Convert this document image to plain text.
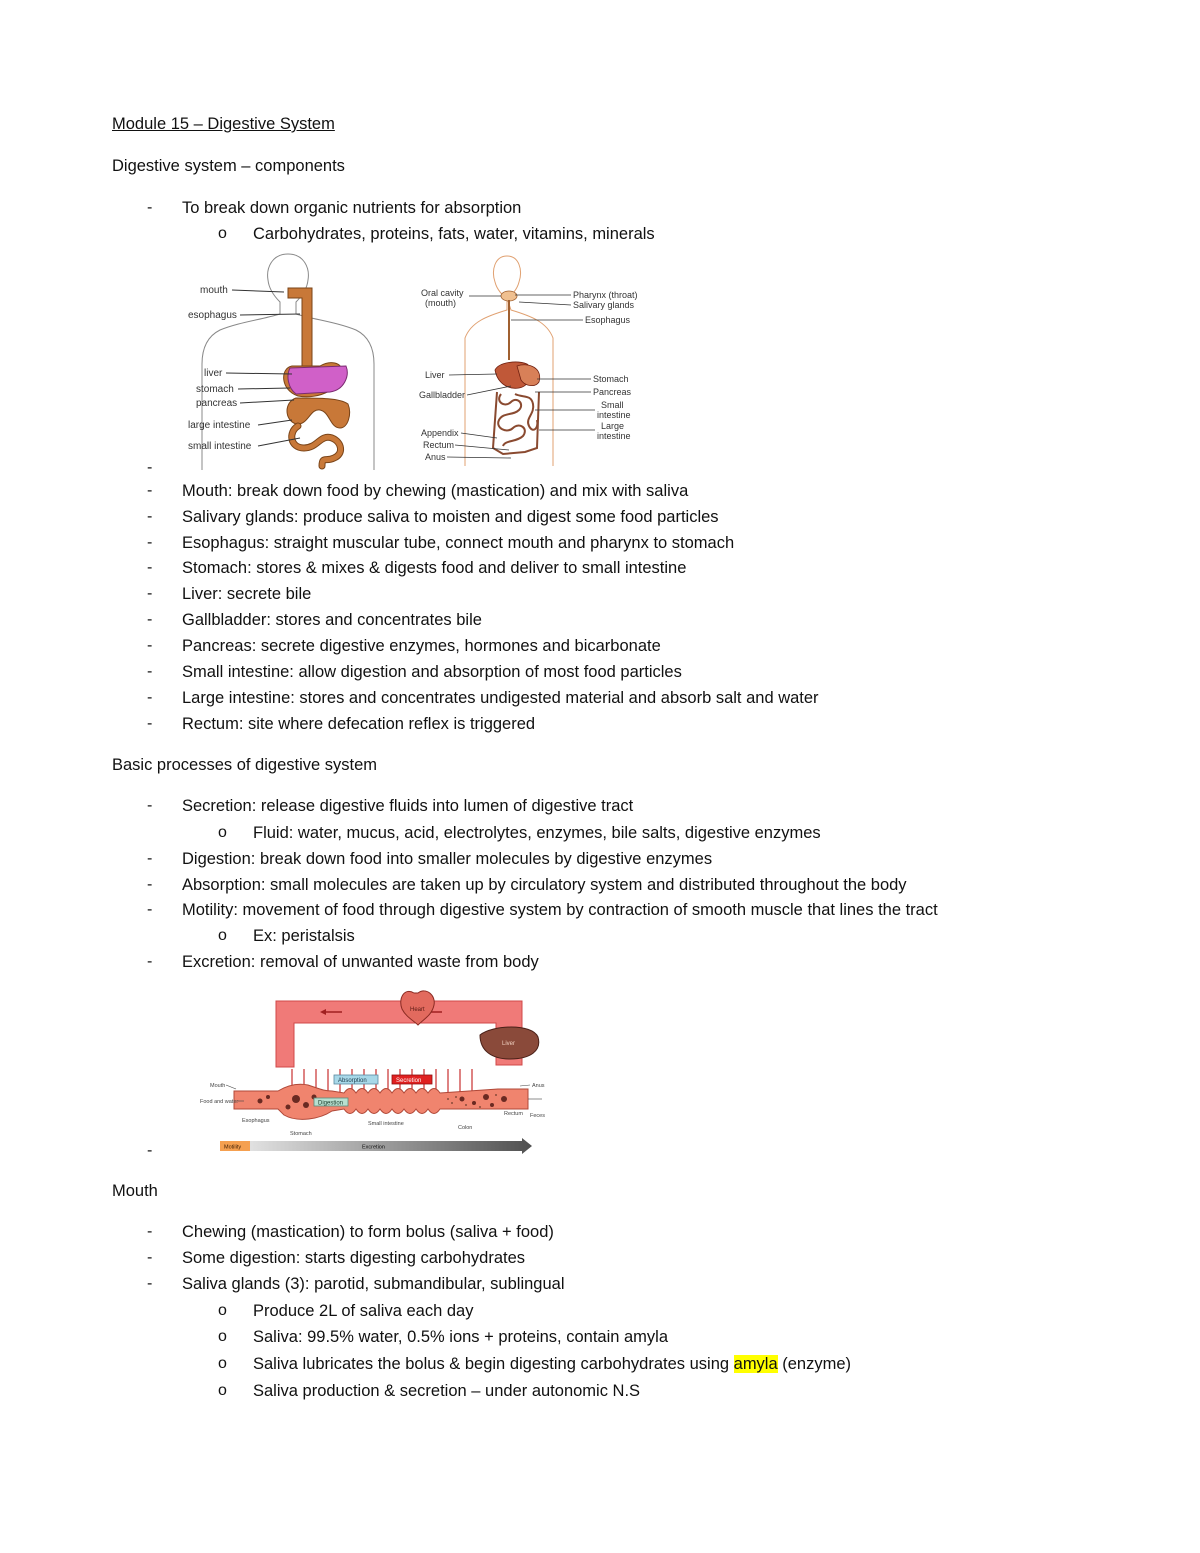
Module 15 – Digestive System
Digestive system – components
- To break down organic nutrients for absorption
o Carbohydrates, proteins, fats, water, vitamins, minerals
mouth
esophagus
liver
stomach
pancreas
large intestine
small intestine
Oral cavity
(mouth)
Liver
Gallbladder
Appendix
Rectum
Anus
Pharynx (throat)
Salivary glands
Esophagus
Stomach
Pancreas
Small
intestine
Large
intestine
-
- Mouth: break down food by chewing (mastication) and mix with saliva
- Salivary glands: produce saliva to moisten and digest some food particles
- Esophagus: straight muscular tube, connect mouth and pharynx to stomach
- Stomach: stores & mixes & digests food and deliver to small intestine
- Liver: secrete bile
- Gallbladder: stores and concentrates bile
- Pancreas: secrete digestive enzymes, hormones and bicarbonate
- Small intestine: allow digestion and absorption of most food particles
- Large intestine: stores and concentrates undigested material and absorb salt and water
- Rectum: site where defecation reflex is triggered
Basic processes of digestive system
- Secretion: release digestive fluids into lumen of digestive tract
o Fluid: water, mucus, acid, electrolytes, enzymes, bile salts, digestive enzymes
- Digestion: break down food into smaller molecules by digestive enzymes
- Absorption: small molecules are taken up by circulatory system and distributed throughout the body
- Motility: movement of food through digestive system by contraction of smooth muscle that lines the tract
o Ex: peristalsis
- Excretion: removal of unwanted waste from body
Heart
Liver
Absorption	Secretion
Digestion
Mouth
Food and water
Esophagus
Stomach
Small intestine
Colon
Rectum
Anus
Feces
Motility	Excretion
-
Mouth
- Chewing (mastication) to form bolus (saliva + food)
- Some digestion: starts digesting carbohydrates
- Saliva glands (3): parotid, submandibular, sublingual
o Produce 2L of saliva each day
o Saliva: 99.5% water, 0.5% ions + proteins, contain amyla
o Saliva lubricates the bolus & begin digesting carbohydrates using amyla (enzyme)
o Saliva production & secretion – under autonomic N.S
